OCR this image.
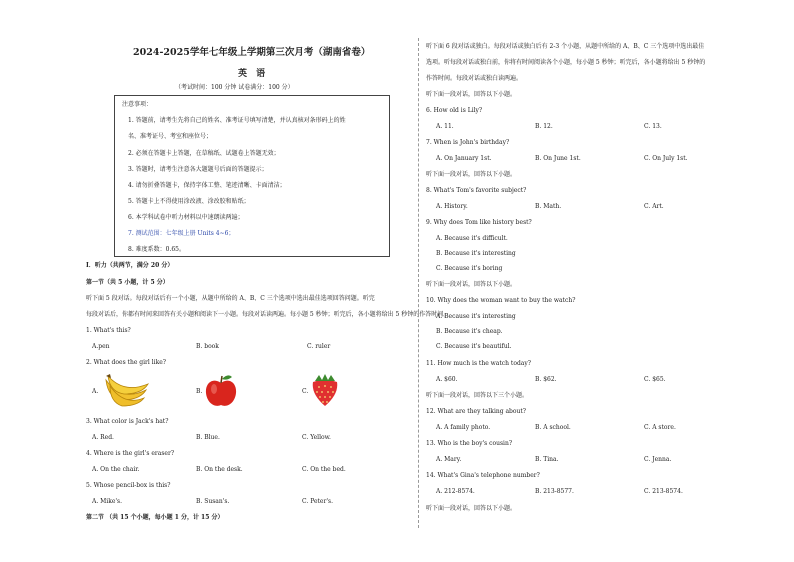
2024-2025学年七年级上学期第三次月考（湖南省卷）
英 语
（考试时间：100 分钟 试卷满分：100 分）
注意事项：
1. 答题前，请考生先将自己的姓名、准考证号填写清楚，并认真核对条形码上的姓
名、准考证号、考室和座位号；
2. 必须在答题卡上答题，在草稿纸、试题卷上答题无效；
3. 答题时，请考生注意各大题题号后面的答题提示；
4. 请勿折叠答题卡，保持字体工整、笔迹清晰、卡面清洁；
5. 答题卡上不得使用涂改液、涂改胶和贴纸；
6. 本学科试卷中听力材料以中速朗读两遍；
7. 测试范围：七年级上册 Units 4~6；
8. 难度系数：0.65。
I．听力（共两节，满分 20 分）
第一节（共 5 小题，计 5 分）
听下面 5 段对话。每段对话后有一个小题，从题中所给的 A、B、C 三个选项中选出最佳选项回答问题。听完
每段对话后，你都有时间来回答有关小题和阅读下一小题。每段对话读两遍。每小题 5 秒钟；听完后，各小题将给出 5 秒钟的作答时间。
1. What's this?
A.pen	B. book	C. ruler
2. What does the girl like?
A.	B.	C.
3. What color is Jack's hat?
A. Red.	B. Blue.	C. Yellow.
4. Where is the girl's eraser?
A. On the chair.	B. On the desk.	C. On the bed.
5. Whose pencil-box is this?
A. Mike's.	B. Susan's.	C. Peter's.
第二节 （共 15 个小题，每小题 1 分，计 15 分）
听下面 6 段对话或独白。每段对话或独白后有 2-3 个小题，从题中所给的 A、B、C 三个选项中选出最佳
选项。听每段对话或独白前，你将有时间阅读各个小题，每小题 5 秒钟；听完后，各小题将给出 5 秒钟的
作答时间。每段对话或独白读两遍。
听下面一段对话，回答以下小题。
6. How old is Lily?
A. 11.	B. 12.	C. 13.
7. When is John's birthday?
A. On January 1st.	B. On June 1st.	C. On July 1st.
听下面一段对话，回答以下小题。
8. What's Tom's favorite subject?
A. History.	B. Math.	C. Art.
9. Why does Tom like history best?
A. Because it's difficult.
B. Because it's interesting
C. Because it's boring
听下面一段对话，回答以下小题。
10. Why does the woman want to buy the watch?
A. Because it's interesting
B. Because it's cheap.
C. Because it's beautiful.
11. How much is the watch today?
A. $60.	B. $62.	C. $65.
听下面一段对话，回答以下三个小题。
12. What are they talking about?
A. A family photo.	B. A school.	C. A store.
13. Who is the boy's cousin?
A. Mary.	B. Tina.	C. Jenna.
14. What's Gina's telephone number?
A. 212-8574.	B. 213-8577.	C. 213-8574.
听下面一段对话，回答以下小题。
